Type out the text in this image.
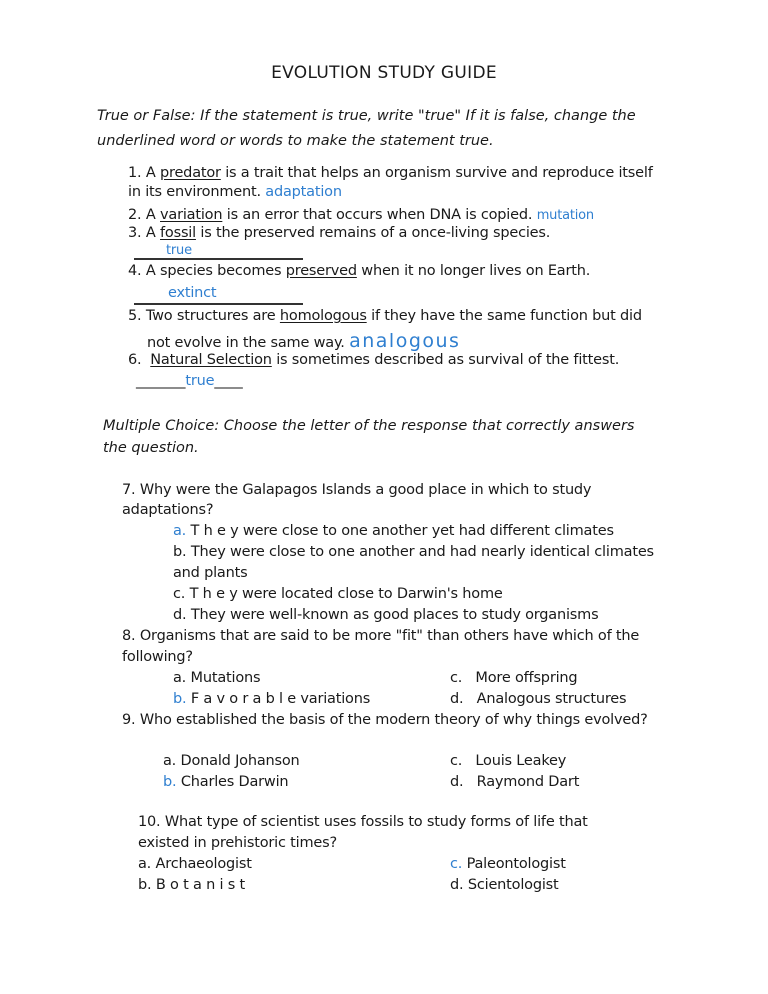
EVOLUTION STUDY GUIDE
True or False: If the statement is true, write "true" If it is false, change the
underlined word or words to make the statement true.
1. A predator is a trait that helps an organism survive and reproduce itself
in its environment. adaptation
2. A variation is an error that occurs when DNA is copied. mutation
3. A fossil is the preserved remains of a once-living species.
true
4. A species becomes preserved when it no longer lives on Earth.
extinct
5. Two structures are homologous if they have the same function but did
not evolve in the same way. analogous
6. Natural Selection is sometimes described as survival of the fittest.
_______true____
Multiple Choice: Choose the letter of the response that correctly answers
the question.
7. Why were the Galapagos Islands a good place in which to study
adaptations?
a. T h e y were close to one another yet had different climates
b. They were close to one another and had nearly identical climates
and plants
c. T h e y were located close to Darwin's home
d. They were well-known as good places to study organisms
8. Organisms that are said to be more "fit" than others have which of the
following?
a. Mutations	c. More offspring
b. F a v o r a b l e variations	d. Analogous structures
9. Who established the basis of the modern theory of why things evolved?
a. Donald Johanson	c. Louis Leakey
b. Charles Darwin	d. Raymond Dart
10. What type of scientist uses fossils to study forms of life that
existed in prehistoric times?
a. Archaeologist	c. Paleontologist
b. B o t a n i s t	d. Scientologist
